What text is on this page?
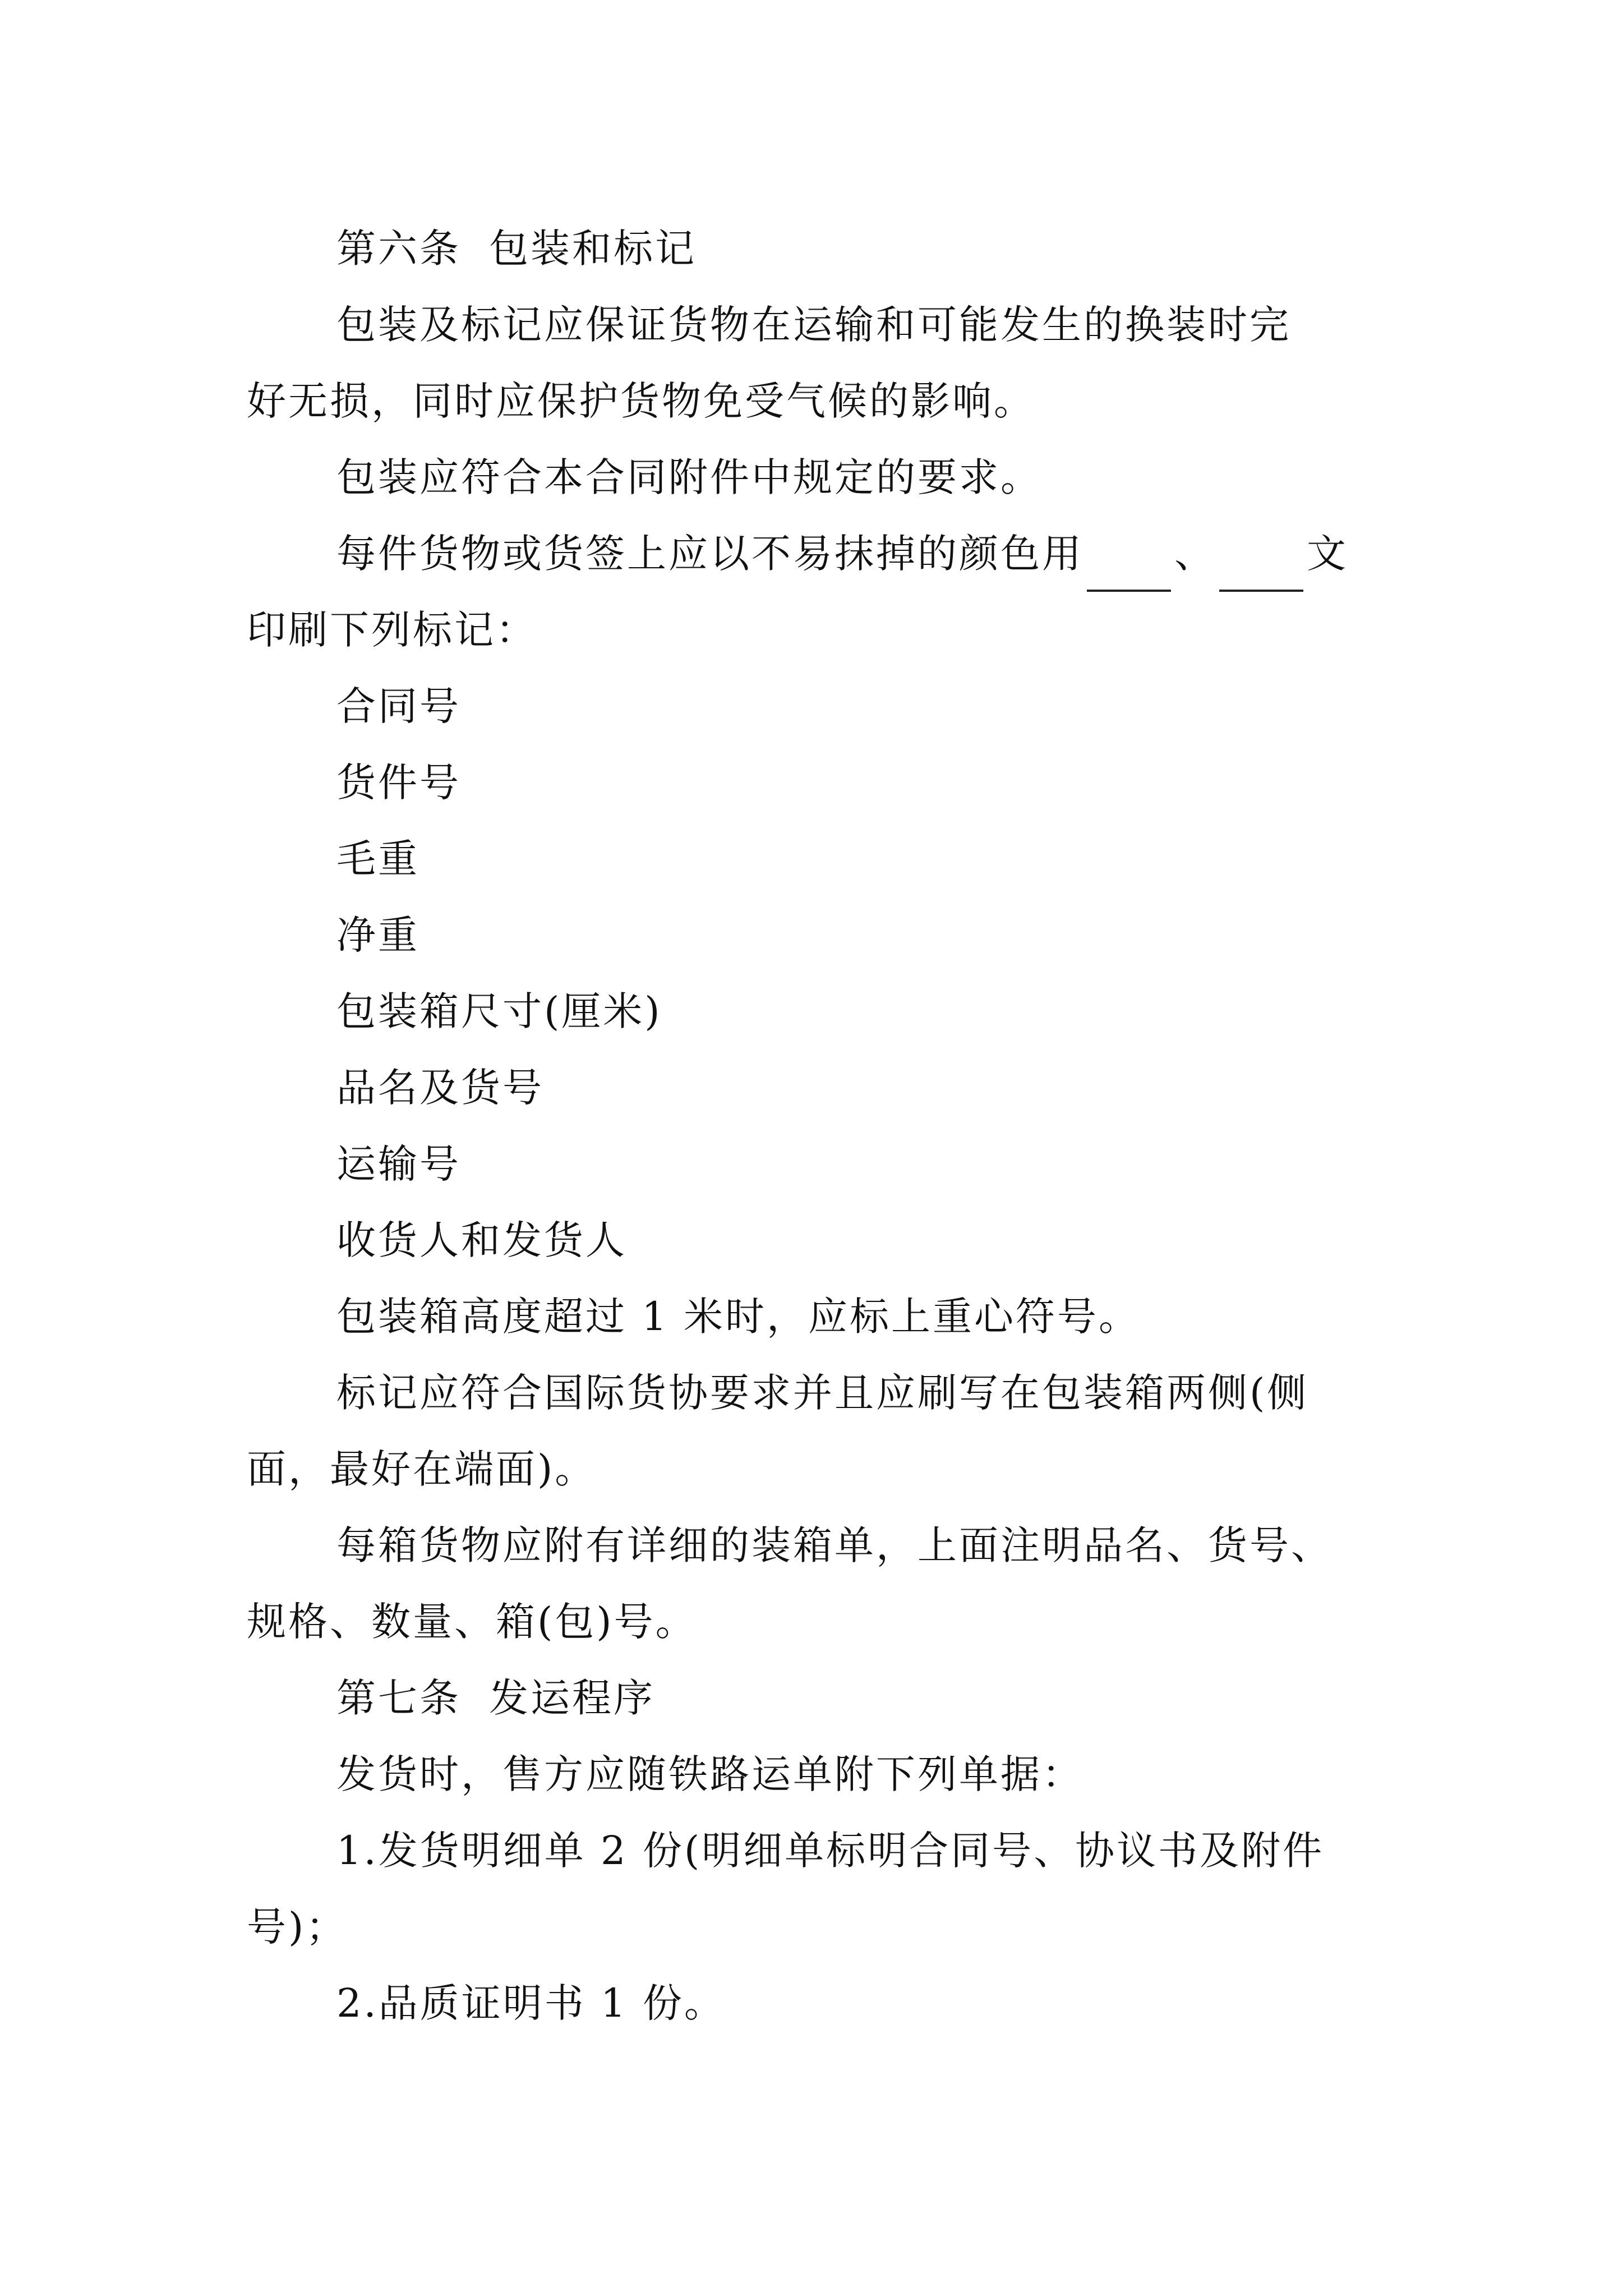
第六条 包装和标记
包装及标记应保证货物在运输和可能发生的换装时完
好无损，同时应保护货物免受气候的影响。
包装应符合本合同附件中规定的要求。
每件货物或货签上应以不易抹掉的颜色用 、 文
印刷下列标记：
合同号
货件号
毛重
净重
包装箱尺寸(厘米)
品名及货号
运输号
收货人和发货人
包装箱高度超过 1 米时，应标上重心符号。
标记应符合国际货协要求并且应刷写在包装箱两侧(侧
面，最好在端面)。
每箱货物应附有详细的装箱单，上面注明品名、货号、
规格、数量、箱(包)号。
第七条 发运程序
发货时，售方应随铁路运单附下列单据：
1.发货明细单 2 份(明细单标明合同号、协议书及附件
号)；
2.品质证明书 1 份。
